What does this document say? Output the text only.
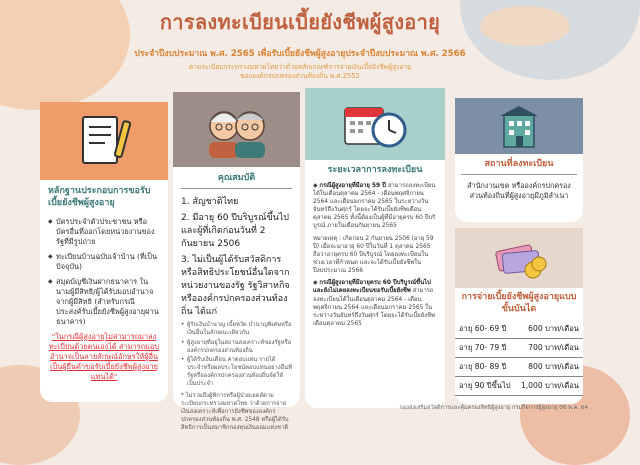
การลงทะเบียนเบี้ยยังชีพผู้สูงอายุ
ประจำปีงบประมาณ พ.ศ. 2565 เพื่อรับเบี้ยยังชีพผู้สูงอายุประจำปีงบประมาณ พ.ศ. 2566
ตามระเบียบกระทรวงมหาดไทยว่าด้วยหลักเกณฑ์การจ่ายเงินเบี้ยยังชีพผู้สูงอายุ
ขององค์กรปกครองส่วนท้องถิ่น พ.ศ.2552
หลักฐานประกอบการขอรับเบี้ยยังชีพผู้สูงอายุ
◆ บัตรประจำตัวประชาชน หรือบัตรอื่นที่ออกโดยหน่วยงานของรัฐที่มีรูปถ่าย
◆ ทะเบียนบ้านฉบับเจ้าบ้าน (ที่เป็นปัจจุบัน)
◆ สมุดบัญชีเงินฝากธนาคาร ในนามผู้มีสิทธิ/ผู้ได้รับมอบอำนาจจากผู้มีสิทธิ (สำหรับกรณีประสงค์รับเบี้ยยังชีพผู้สูงอายุผ่านธนาคาร)
"ในกรณีผู้สูงอายุไม่สามารถมาลงทะเบียนด้วยตนเองได้ สามารถมอบอำนาจเป็นลายลักษณ์อักษรให้ผู้อื่นเป็นผู้ยื่นคำขอรับเบี้ยยังชีพผู้สูงอายุแทนได้"
คุณสมบัติ
1. สัญชาติไทย
2. มีอายุ 60 ปีบริบูรณ์ขึ้นไป และผู้ที่เกิดก่อนวันที่ 2 กันยายน 2506
3. ไม่เป็นผู้ได้รับสวัสดิการหรือสิทธิประโยชน์อื่นใดจากหน่วยงานของรัฐ รัฐวิสาหกิจ หรือองค์กรปกครองส่วนท้องถิ่น ได้แก่
• ผู้รับเงินบำนาญ เบี้ยหวัด บำนาญพิเศษหรือเงินอื่นในลักษณะเดียวกัน
• ผู้สูงอายุที่อยู่ในสถานสงเคราะห์ของรัฐหรือองค์กรปกครองส่วนท้องถิ่น
• ผู้ได้รับเงินเดือน ค่าตอบแทน รายได้ประจำหรือผลประโยชน์ตอบแทนอย่างอื่นที่รัฐหรือองค์กรปกครองส่วนท้องถิ่นจัดให้เป็นประจำ
* ไม่รวมถึงผู้พิการหรือผู้ป่วยเอดส์ตามระเบียบกระทรวงมหาดไทย ว่าด้วยการจ่ายเงินสงเคราะห์เพื่อการยังชีพขององค์กรปกครองส่วนท้องถิ่น พ.ศ. 2548 หรือผู้ได้รับสิทธิการเป็นสมาชิกกองทุนเงินออมแห่งชาติ
ระยะเวลาการลงทะเบียน

◆ กรณีผู้สูงอายุที่มีอายุ 59 ปี สามารถลงทะเบียนได้ในเดือนตุลาคม 2564 - เดือนพฤศจิกายน 2564 และเดือนมกราคม 2565 ในระหว่างวันจันทร์ถึงวันศุกร์ โดยจะได้รับเบี้ยยังชีพเดือนตุลาคม 2565 ทั้งนี้ต้องเป็นผู้ที่มีอายุครบ 60 ปีบริบูรณ์ ภายในเดือนกันยายน 2565

หมายเหตุ : เกิดก่อน 2 กันยายน 2506 (อายุ 59 ปี) เมื่อจะมาอายุ 60 ปีในวันที่ 1 ตุลาคม 2565 ถือว่าอายุครบ 60 ปีบริบูรณ์ โดยลงทะเบียนในช่วงเวลาที่กำหนด และจะได้รับเบี้ยยังชีพในปีงบประมาณ 2566

◆ กรณีผู้สูงอายุที่มีอายุครบ 60 ปีบริบูรณ์ขึ้นไป และยังไม่เคยลงทะเบียนขอรับเบี้ยยังชีพ สามารถลงทะเบียนได้ในเดือนตุลาคม 2564 - เดือนพฤศจิกายน 2564 และเดือนมกราคม 2565 ในระหว่างวันจันทร์ถึงวันศุกร์ โดยจะได้รับเบี้ยยังชีพเดือนตุลาคม 2565

สถานที่ลงทะเบียน
สำนักงานเขต หรือองค์กรปกครองส่วนท้องถิ่นที่ผู้สูงอายุมีภูมิลำเนา
การจ่ายเบี้ยยังชีพผู้สูงอายุแบบขั้นบันได
อายุ 60- 69 ปี	600 บาท/เดือน
อายุ 70- 79 ปี	700 บาท/เดือน
อายุ 80- 89 ปี	800 บาท/เดือน
อายุ 90 ปีขึ้นไป	1,000 บาท/เดือน
กองส่งเสริมสวัสดิการและคุ้มครองสิทธิผู้สูงอายุ กรมกิจการผู้สูงอายุ 06 พ.ค. 64
